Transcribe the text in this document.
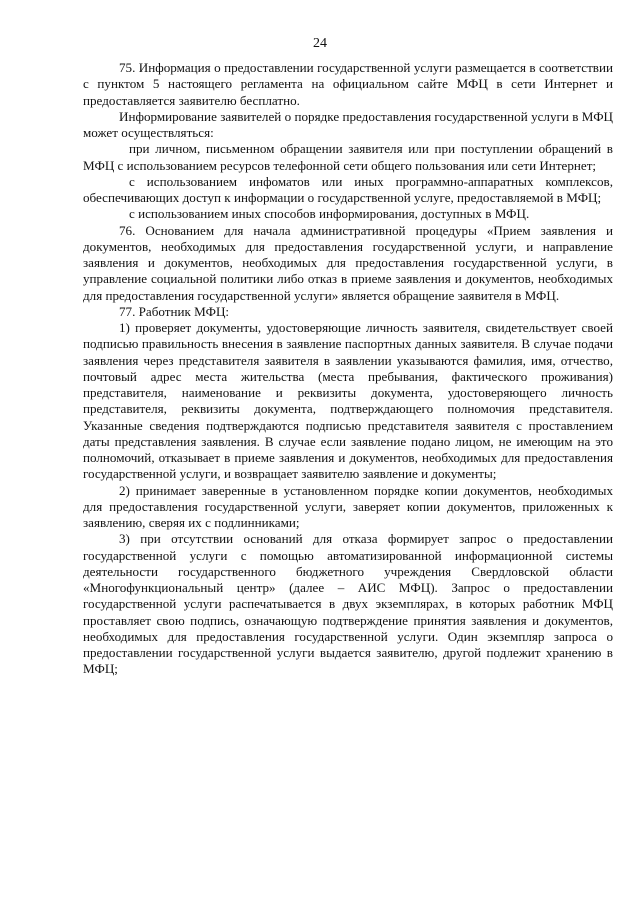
24

75. Информация о предоставлении государственной услуги размещается в соответствии с пунктом 5 настоящего регламента на официальном сайте МФЦ в сети Интернет и предоставляется заявителю бесплатно.

Информирование заявителей о порядке предоставления государственной услуги в МФЦ может осуществляться:

при личном, письменном обращении заявителя или при поступлении обращений в МФЦ с использованием ресурсов телефонной сети общего пользования или сети Интернет;

с использованием инфоматов или иных программно-аппаратных комплексов, обеспечивающих доступ к информации о государственной услуге, предоставляемой в МФЦ;

с использованием иных способов информирования, доступных в МФЦ.

76. Основанием для начала административной процедуры «Прием заявления и документов, необходимых для предоставления государственной услуги, и направление заявления и документов, необходимых для предоставления государственной услуги, в управление социальной политики либо отказ в приеме заявления и документов, необходимых для предоставления государственной услуги» является обращение заявителя в МФЦ.

77. Работник МФЦ:

1) проверяет документы, удостоверяющие личность заявителя, свидетельствует своей подписью правильность внесения в заявление паспортных данных заявителя. В случае подачи заявления через представителя заявителя в заявлении указываются фамилия, имя, отчество, почтовый адрес места жительства (места пребывания, фактического проживания) представителя, наименование и реквизиты документа, удостоверяющего личность представителя, реквизиты документа, подтверждающего полномочия представителя. Указанные сведения подтверждаются подписью представителя заявителя с проставлением даты представления заявления. В случае если заявление подано лицом, не имеющим на это полномочий, отказывает в приеме заявления и документов, необходимых для предоставления государственной услуги, и возвращает заявителю заявление и документы;

2) принимает заверенные в установленном порядке копии документов, необходимых для предоставления государственной услуги, заверяет копии документов, приложенных к заявлению, сверяя их с подлинниками;

3) при отсутствии оснований для отказа формирует запрос о предоставлении государственной услуги с помощью автоматизированной информационной системы деятельности государственного бюджетного учреждения Свердловской области «Многофункциональный центр» (далее – АИС МФЦ). Запрос о предоставлении государственной услуги распечатывается в двух экземплярах, в которых работник МФЦ проставляет свою подпись, означающую подтверждение принятия заявления и документов, необходимых для предоставления государственной услуги. Один экземпляр запроса о предоставлении государственной услуги выдается заявителю, другой подлежит хранению в МФЦ;
